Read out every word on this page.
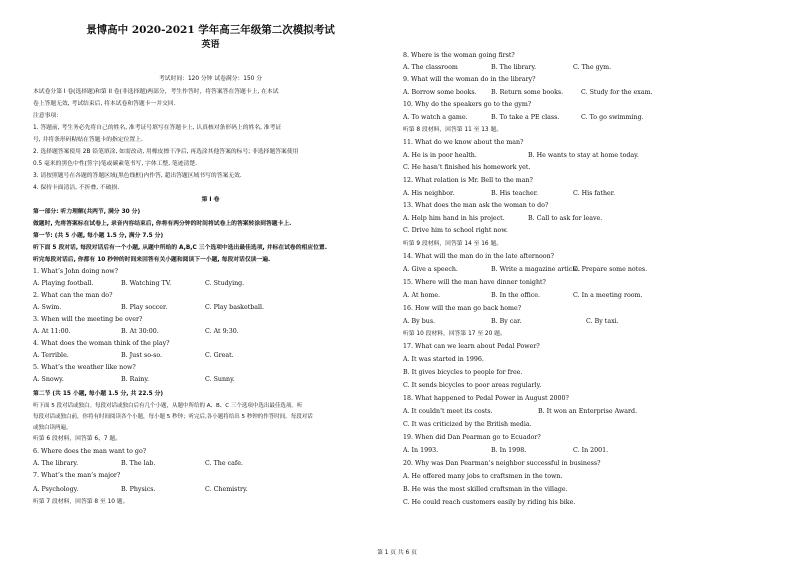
景博高中 2020-2021 学年高三年级第二次模拟考试
英语
考试时间：120 分钟 试卷满分：150 分
本试卷分第 I 卷(选择题)和第 II 卷(非选择题)两部分，考生作答时，将答案答在答题卡上, 在本试
卷上答题无效, 考试结束后, 将本试卷和答题卡一并交回.
注意事项：
1. 答题前, 考生务必先将自己的姓名, 准考证号填写在答题卡上, 认真核对条形码上的姓名, 准考证
号, 并将条形码粘贴在答题卡的指定位置上.
2. 选择题答案使用 2B 铅笔填涂, 如需改动, 用橡皮擦干净后, 再选涂其他答案的标号; 非选择题答案使用
0.5 毫米的黑色中性(签字)笔或碳素笔书写, 字体工整, 笔迹清楚.
3. 请按照题号在各题的答题区域(黑色线框)内作答, 超出答题区域书写的答案无效.
4. 保持卡面清洁, 不折叠, 不破损.
第 I 卷
第一部分: 听力理解(共两节, 满分 30 分)
做题时, 先将答案标在试卷上, 录音内容结束后, 你将有两分钟的时间将试卷上的答案转涂到答题卡上.
第一节: (共 5 小题, 每小题 1.5 分, 满分 7.5 分)
听下面 5 段对话, 每段对话后有一个小题, 从题中所给的 A,B,C 三个选项中选出最佳选项, 并标在试卷的相应位置.
听完每段对话后, 你都有 10 秒钟的时间来回答有关小题和阅读下一小题, 每段对话仅读一遍.
1. What’s John doing now?
A. Playing football.	B. Watching TV.	C. Studying.
2. What can the man do?
A. Swim.	B. Play soccer.	C. Play basketball.
3. When will the meeting be over?
A. At 11:00.	B. At 30:00.	C. At 9:30.
4. What does the woman think of the play?
A. Terrible.	B. Just so-so.	C. Great.
5. What’s the weather like now?
A. Snowy.	B. Rainy.	C. Sunny.
第二节 (共 15 小题, 每小题 1.5 分, 共 22.5 分)
听下面 5 段对话或独白。每段对话或独白后有几个小题，从题中所给的 A、B、C 三个选项中选出最佳选项。听
每段对话或独白前，你将有时间阅读各个小题，每小题 5 秒钟；听完后,各小题将给出 5 秒钟的作答时间。每段对话
或独白读两遍。
听第 6 段材料，回答第 6、7 题。
6. Where does the man want to go?
A. The library.	B. The lab.	C. The cafe.
7. What’s the man’s major?
A. Psychology.	B. Physics.	C. Chemistry.
听第 7 段材料，回答第 8 至 10 题。
8. Where is the woman going first?
A. The classroom	B. The library.	C. The gym.
9. What will the woman do in the library?
A. Borrow some books. B. Return some books.	C. Study for the exam.
10. Why do the speakers go to the gym?
A. To watch a game.	B. To take a PE class.	C. To go swimming.
听第 8 段材料，回答第 11 至 13 题。
11. What do we know about the man?
A. He is in poor health.	B. He wants to stay at home today.
C. He hasn’t finished his homework yet.
12. What relation is Mr. Bell to the man?
A. His neighbor.	B. His teacher.	C. His father.
13. What does the man ask the woman to do?
A. Help him hand in his project.	B. Call to ask for leave.
C. Drive him to school right now.
听第 9 段材料，回答第 14 至 16 题。
14. What will the man do in the late afternoon?
A. Give a speech.	B. Write a magazine article.
C. Prepare some notes.
15. Where will the man have dinner tonight?
A. At home.	B. In the office.	C. In a meeting room.
16. How will the man go back home?
A. By bus.	B. By car.	C. By taxi.
听第 10 段材料，回答第 17 至 20 题。
17. What can we learn about Pedal Power?
A. It was started in 1996.
B. It gives bicycles to people for free.
C. It sends bicycles to poor areas regularly.
18. What happened to Pedal Power in August 2000?
A. It couldn’t meet its costs.	B. It won an Enterprise Award.
C. It was criticized by the British media.
19. When did Dan Pearman go to Ecuador?
A. In 1993.	B. In 1998.	C. In 2001.
20. Why was Dan Pearman’s neighbor successful in business?
A. He offered many jobs to craftsmen in the town.
B. He was the most skilled craftsman in the village.
C. He could reach customers easily by riding his bike.
第 1 页 共 6 页
